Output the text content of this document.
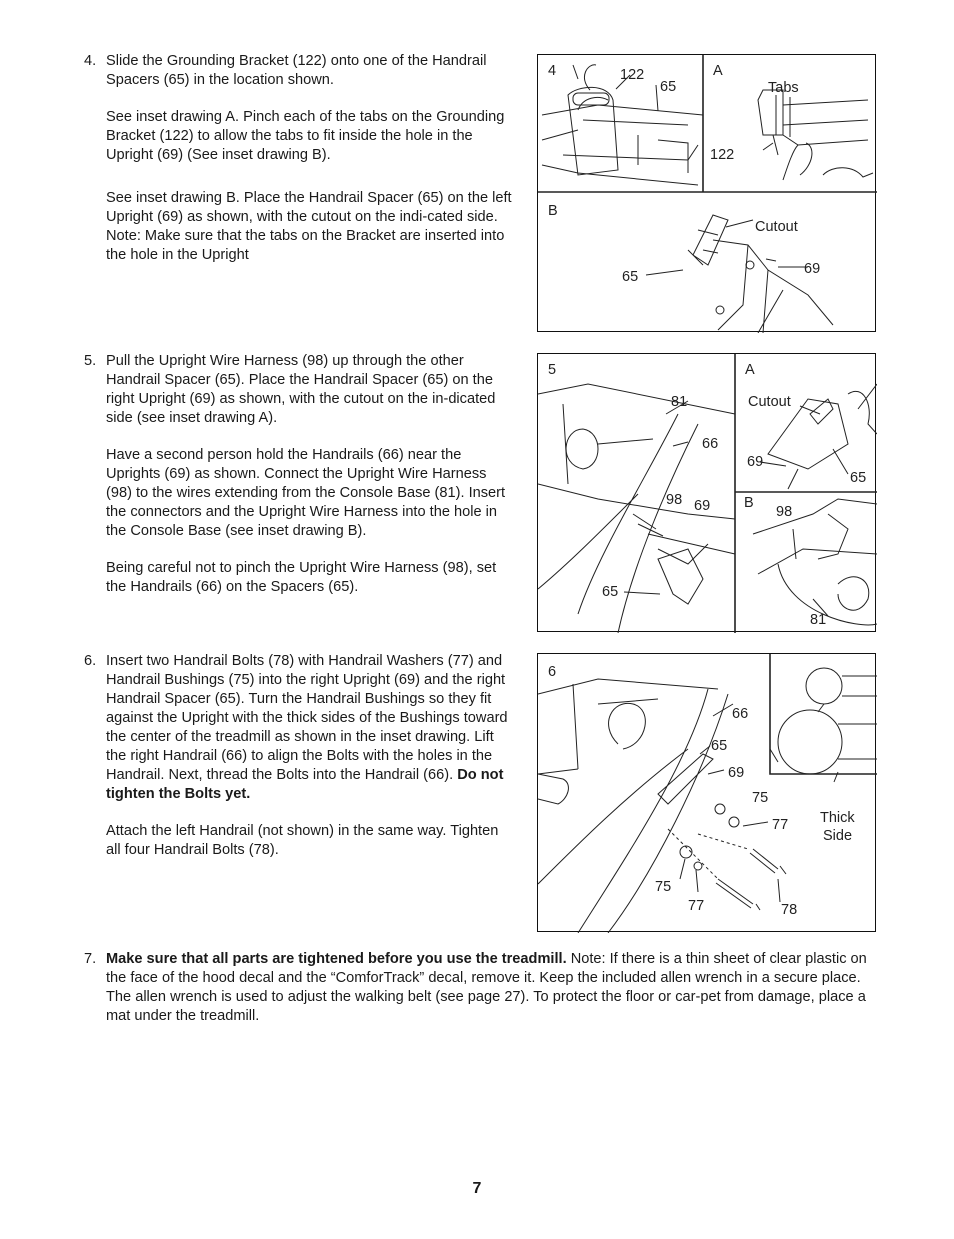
4. Slide the Grounding Bracket (122) onto one of the Handrail Spacers (65) in the location shown.

See inset drawing A. Pinch each of the tabs on the Grounding Bracket (122) to allow the tabs to fit inside the hole in the Upright (69) (See inset drawing B).

See inset drawing B. Place the Handrail Spacer (65) on the left Upright (69) as shown, with the cutout on the indi-cated side. Note: Make sure that the tabs on the Bracket are inserted into the hole in the Upright

5. Pull the Upright Wire Harness (98) up through the other Handrail Spacer (65). Place the Handrail Spacer (65) on the right Upright (69) as shown, with the cutout on the in-dicated side (see inset drawing A).

Have a second person hold the Handrails (66) near the Uprights (69) as shown. Connect the Upright Wire Harness (98) to the wires extending from the Console Base (81). Insert the connectors and the Upright Wire Harness into the hole in the Console Base (see inset drawing B).

Being careful not to pinch the Upright Wire Harness (98), set the Handrails (66) on the Spacers (65).

6. Insert two Handrail Bolts (78) with Handrail Washers (77) and Handrail Bushings (75) into the right Upright (69) and the right Handrail Spacer (65). Turn the Handrail Bushings so they fit against the Upright with the thick sides of the Bushings toward the center of the treadmill as shown in the inset drawing. Lift the right Handrail (66) to align the Bolts with the holes in the Handrail. Next, thread the Bolts into the Handrail (66). Do not tighten the Bolts yet.

Attach the left Handrail (not shown) in the same way. Tighten all four Handrail Bolts (78).

7. Make sure that all parts are tightened before you use the treadmill. Note: If there is a thin sheet of clear plastic on the face of the hood decal and the “ComforTrack” decal, remove it. Keep the included allen wrench in a secure place. The allen wrench is used to adjust the walking belt (see page 27). To protect the floor or car-pet from damage, place a mat under the treadmill.

4	122
65
A
Tabs
122
B
Cutout
65	69
5
81
66
98 69
65
A
Cutout
69
65
B
98
81
6
66
65
69
75
77 Thick
Side
75
77	78
7
